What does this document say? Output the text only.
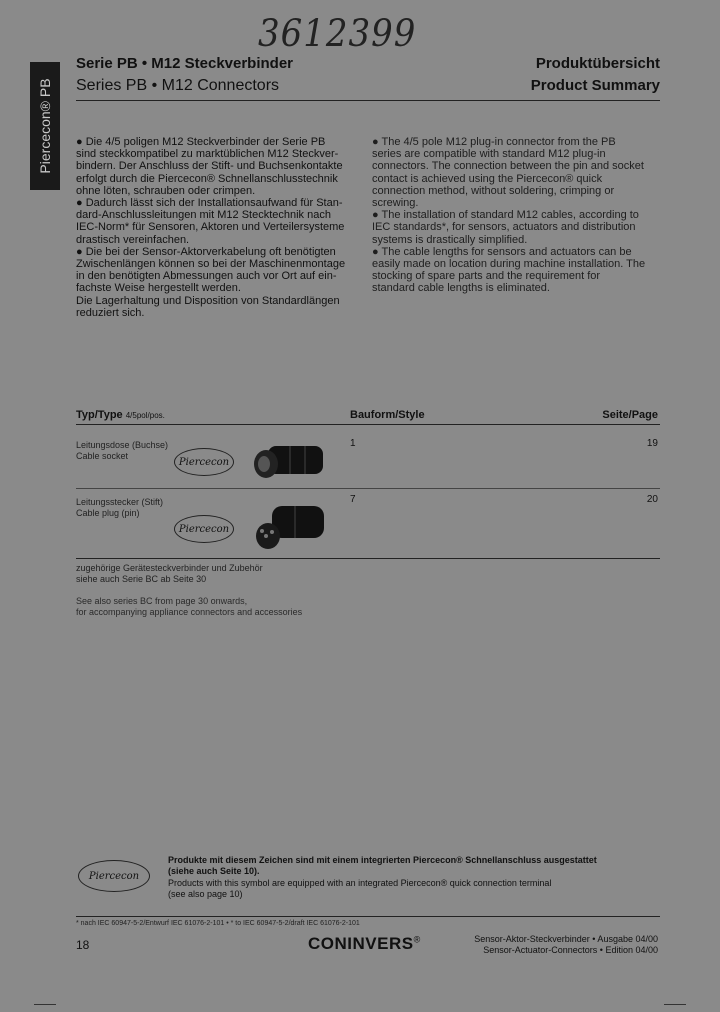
3612399
Piercecon® PB
Serie PB • M12 Steckverbinder
Series PB • M12 Connectors
Produktübersicht
Product Summary
● Die 4/5 poligen M12 Steckverbinder der Serie PB
sind steckkompatibel zu marktüblichen M12 Steckver-
bindern. Der Anschluss der Stift- und Buchsenkontakte
erfolgt durch die Piercecon® Schnellanschlusstechnik
ohne löten, schrauben oder crimpen.
● Dadurch lässt sich der Installationsaufwand für Stan-
dard-Anschlussleitungen mit M12 Stecktechnik nach
IEC-Norm* für Sensoren, Aktoren und Verteilersysteme
drastisch vereinfachen.
● Die bei der Sensor-Aktorverkabelung oft benötigten
Zwischenlängen können so bei der Maschinenmontage
in den benötigten Abmessungen auch vor Ort auf ein-
fachste Weise hergestellt werden.
Die Lagerhaltung und Disposition von Standardlängen
reduziert sich.
● The 4/5 pole M12 plug-in connector from the PB
series are compatible with standard M12 plug-in
connectors. The connection between the pin and socket
contact is achieved using the Piercecon® quick
connection method, without soldering, crimping or
screwing.
● The installation of standard M12 cables, according to
IEC standards*, for sensors, actuators and distribution
systems is drastically simplified.
● The cable lengths for sensors and actuators can be
easily made on location during machine installation. The
stocking of spare parts and the requirement for
standard cable lengths is eliminated.
Typ/Type 4/5pol/pos.	Bauform/Style	Seite/Page
Leitungsdose (Buchse)
Cable socket
Piercecon
1	19
Leitungsstecker (Stift)
Cable plug (pin)
Piercecon
7	20
zugehörige Gerätesteckverbinder und Zubehör
siehe auch Serie BC ab Seite 30
See also series BC from page 30 onwards,
for accompanying appliance connectors and accessories
Piercecon
Produkte mit diesem Zeichen sind mit einem integrierten Piercecon® Schnellanschluss ausgestattet
(siehe auch Seite 10).
Products with this symbol are equipped with an integrated Piercecon® quick connection terminal
(see also page 10)
* nach IEC 60947-5-2/Entwurf IEC 61076-2-101 • * to IEC 60947-5-2/draft IEC 61076-2-101
18	CONINVERS®	Sensor-Aktor-Steckverbinder • Ausgabe 04/00
Sensor-Actuator-Connectors • Edition 04/00
